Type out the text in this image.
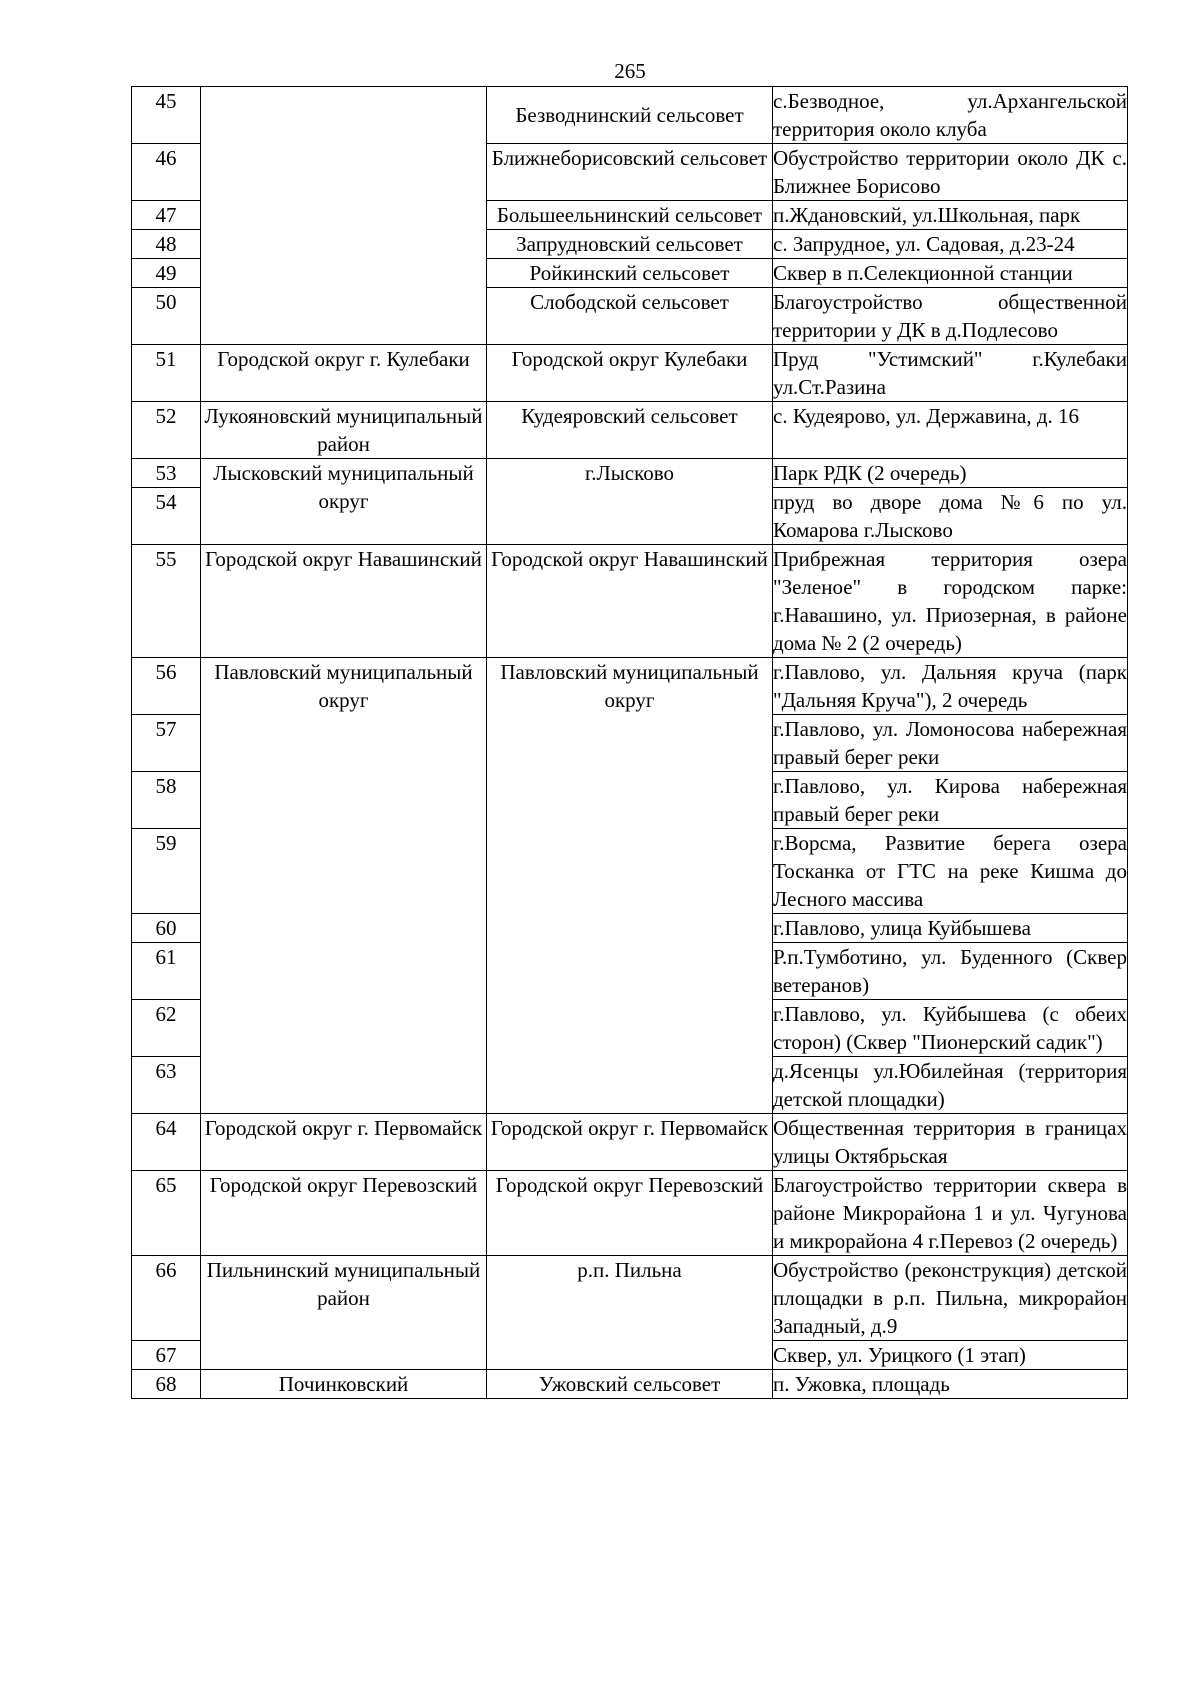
265
45		Безводнинский сельсовет	с.Безводное, ул.Архангельской территория около клуба
46		Ближнеборисовский сельсовет	Обустройство территории около ДК с. Ближнее Борисово
47		Большеельнинский сельсовет	п.Ждановский, ул.Школьная, парк
48		Запрудновский сельсовет	с. Запрудное, ул. Садовая, д.23-24
49		Ройкинский сельсовет	Сквер в п.Селекционной станции
50		Слободской сельсовет	Благоустройство общественной территории у ДК в д.Подлесово
51	Городской округ г. Кулебаки	Городской округ Кулебаки	Пруд "Устимский" г.Кулебаки ул.Ст.Разина
52	Лукояновский муниципальный район	Кудеяровский сельсовет	с. Кудеярово, ул. Державина, д. 16
53	Лысковский муниципальный округ	г.Лысково	Парк РДК (2 очередь)
54			пруд во дворе дома №6 по ул. Комарова г.Лысково
55	Городской округ Навашинский	Городской округ Навашинский	Прибрежная территория озера "Зеленое" в городском парке: г.Навашино, ул. Приозерная, в районе дома № 2 (2 очередь)
56	Павловский муниципальный округ	Павловский муниципальный округ	г.Павлово, ул. Дальняя круча (парк "Дальняя Круча"), 2 очередь
57			г.Павлово, ул. Ломоносова набережная правый берег реки
58			г.Павлово, ул. Кирова набережная правый берег реки
59			г.Ворсма, Развитие берега озера Тосканка от ГТС на реке Кишма до Лесного массива
60			г.Павлово, улица Куйбышева
61			Р.п.Тумботино, ул. Буденного (Сквер ветеранов)
62			г.Павлово, ул. Куйбышева (с обеих сторон) (Сквер "Пионерский садик")
63			д.Ясенцы ул.Юбилейная (территория детской площадки)
64	Городской округ г. Первомайск	Городской округ г. Первомайск	Общественная территория в границах улицы Октябрьская
65	Городской округ Перевозский	Городской округ Перевозский	Благоустройство территории сквера в районе Микрорайона 1 и ул. Чугунова и микрорайона 4 г.Перевоз (2 очередь)
66	Пильнинский муниципальный район	р.п. Пильна	Обустройство (реконструкция) детской площадки в р.п. Пильна, микрорайон Западный, д.9
67			Сквер, ул. Урицкого (1 этап)
68	Починковский	Ужовский сельсовет	п. Ужовка, площадь
